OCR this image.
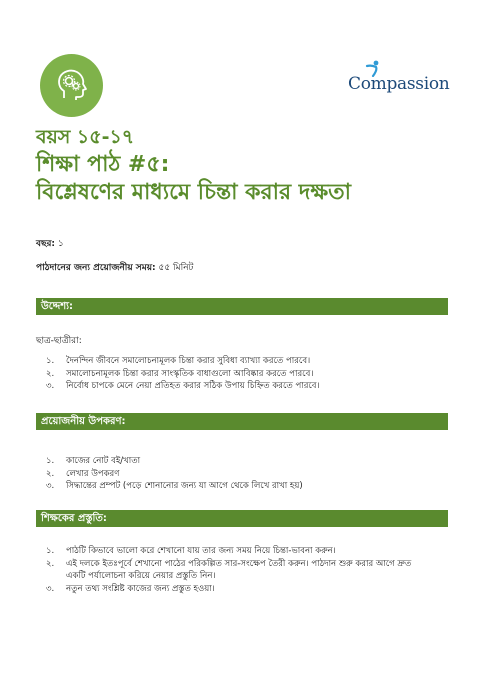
Compassion
বয়স ১৫-১৭
শিক্ষা পাঠ #৫:
বিশ্লেষণের মাধ্যমে চিন্তা করার দক্ষতা
বছর: ১
পাঠদানের জন্য প্রয়োজনীয় সময়: ৫৫ মিনিট
উদ্দেশ্য:
ছাত্র-ছাত্রীরা:
১. দৈনন্দিন জীবনে সমালোচনামূলক চিন্তা করার সুবিধা ব্যাখ্যা করতে পারবে।
২. সমালোচনামূলক চিন্তা করার সাংস্কৃতিক বাধাগুলো আবিষ্কার করতে পারবে।
৩. নির্বোধ চাপকে মেনে নেয়া প্রতিহত করার সঠিক উপায় চিহ্নিত করতে পারবে।
প্রয়োজনীয় উপকরণ:
১. কাজের নোট বই/খাতা
২. লেখার উপকরণ
৩. সিদ্ধান্তের প্রম্পট (পড়ে শোনানোর জন্য যা আগে থেকে লিখে রাখা হয়)
শিক্ষকের প্রস্তুতি:
১. পাঠটি কিভাবে ভালো করে শেখানো যায় তার জন্য সময় নিয়ে চিন্তা-ভাবনা করুন।
২. এই দলকে ইতঃপূর্বে শেখানো পাঠের পরিকল্পিত সার-সংক্ষেপ তৈরী করুন। পাঠদান শুরু করার আগে দ্রুত
একটি পর্যালোচনা করিয়ে নেয়ার প্রস্তুতি নিন।
৩. নতুন তথ্য সংশ্লিষ্ট কাজের জন্য প্রস্তুত হওয়া।
